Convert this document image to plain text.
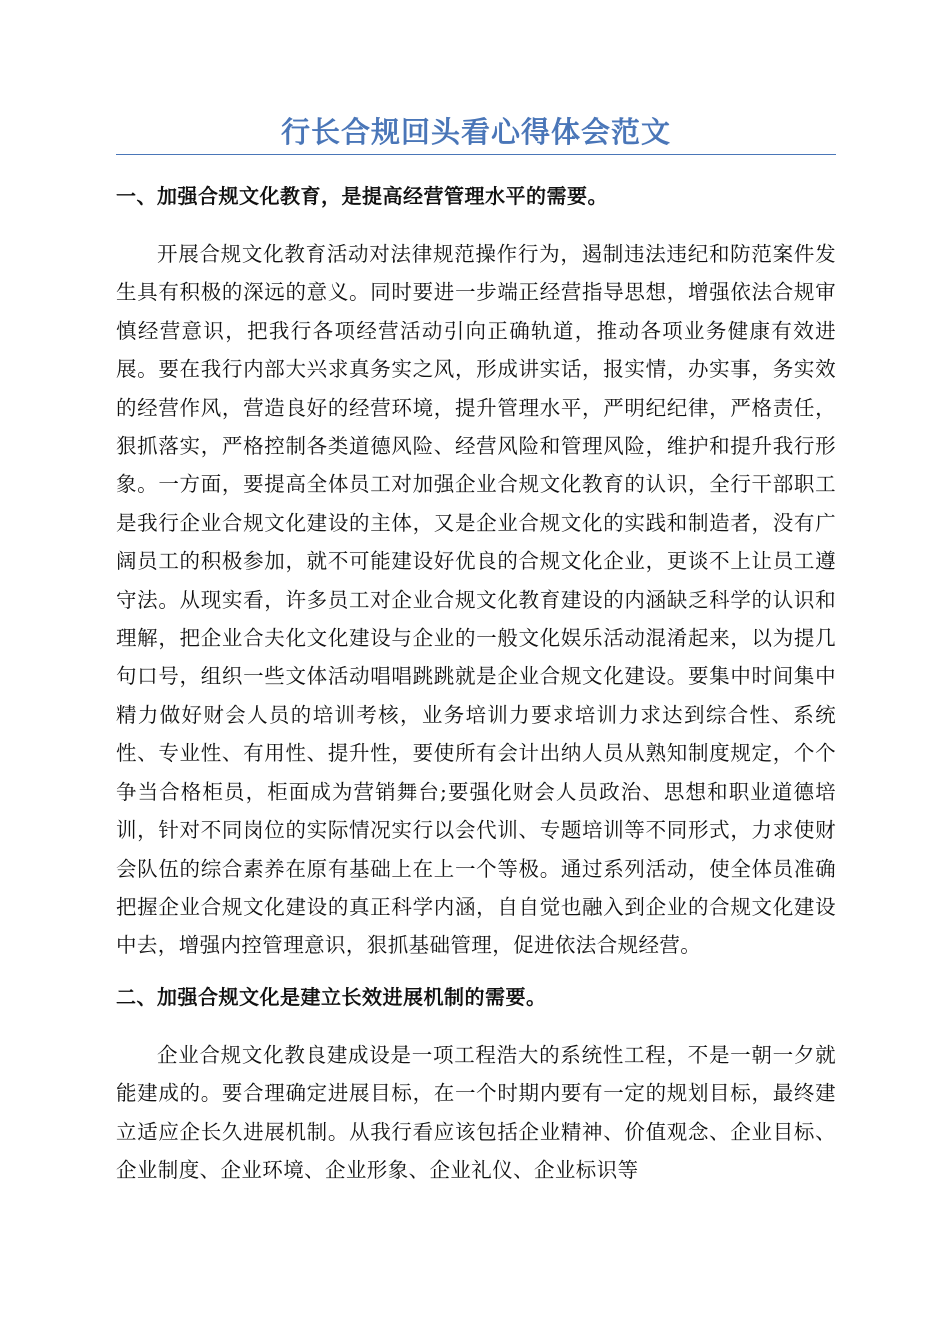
行长合规回头看心得体会范文
一、加强合规文化教育，是提高经营管理水平的需要。

开展合规文化教育活动对法律规范操作行为，遏制违法违纪和防范案件发生具有积极的深远的意义。同时要进一步端正经营指导思想，增强依法合规审慎经营意识，把我行各项经营活动引向正确轨道，推动各项业务健康有效进展。要在我行内部大兴求真务实之风，形成讲实话，报实情，办实事，务实效的经营作风，营造良好的经营环境，提升管理水平，严明纪纪律，严格责任，狠抓落实，严格控制各类道德风险、经营风险和管理风险，维护和提升我行形象。一方面，要提高全体员工对加强企业合规文化教育的认识，全行干部职工是我行企业合规文化建设的主体，又是企业合规文化的实践和制造者，没有广阔员工的积极参加，就不可能建设好优良的合规文化企业，更谈不上让员工遵守法。从现实看，许多员工对企业合规文化教育建设的内涵缺乏科学的认识和理解，把企业合夫化文化建设与企业的一般文化娱乐活动混淆起来，以为提几句口号，组织一些文体活动唱唱跳跳就是企业合规文化建设。要集中时间集中精力做好财会人员的培训考核，业务培训力要求培训力求达到综合性、系统性、专业性、有用性、提升性，要使所有会计出纳人员从熟知制度规定，个个争当合格柜员，柜面成为营销舞台;要强化财会人员政治、思想和职业道德培训，针对不同岗位的实际情况实行以会代训、专题培训等不同形式，力求使财会队伍的综合素养在原有基础上在上一个等极。通过系列活动，使全体员准确把握企业合规文化建设的真正科学内涵，自自觉也融入到企业的合规文化建设中去，增强内控管理意识，狠抓基础管理，促进依法合规经营。

二、加强合规文化是建立长效进展机制的需要。

企业合规文化教良建成设是一项工程浩大的系统性工程，不是一朝一夕就能建成的。要合理确定进展目标，在一个时期内要有一定的规划目标，最终建立适应企长久进展机制。从我行看应该包括企业精神、价值观念、企业目标、企业制度、企业环境、企业形象、企业礼仪、企业标识等
